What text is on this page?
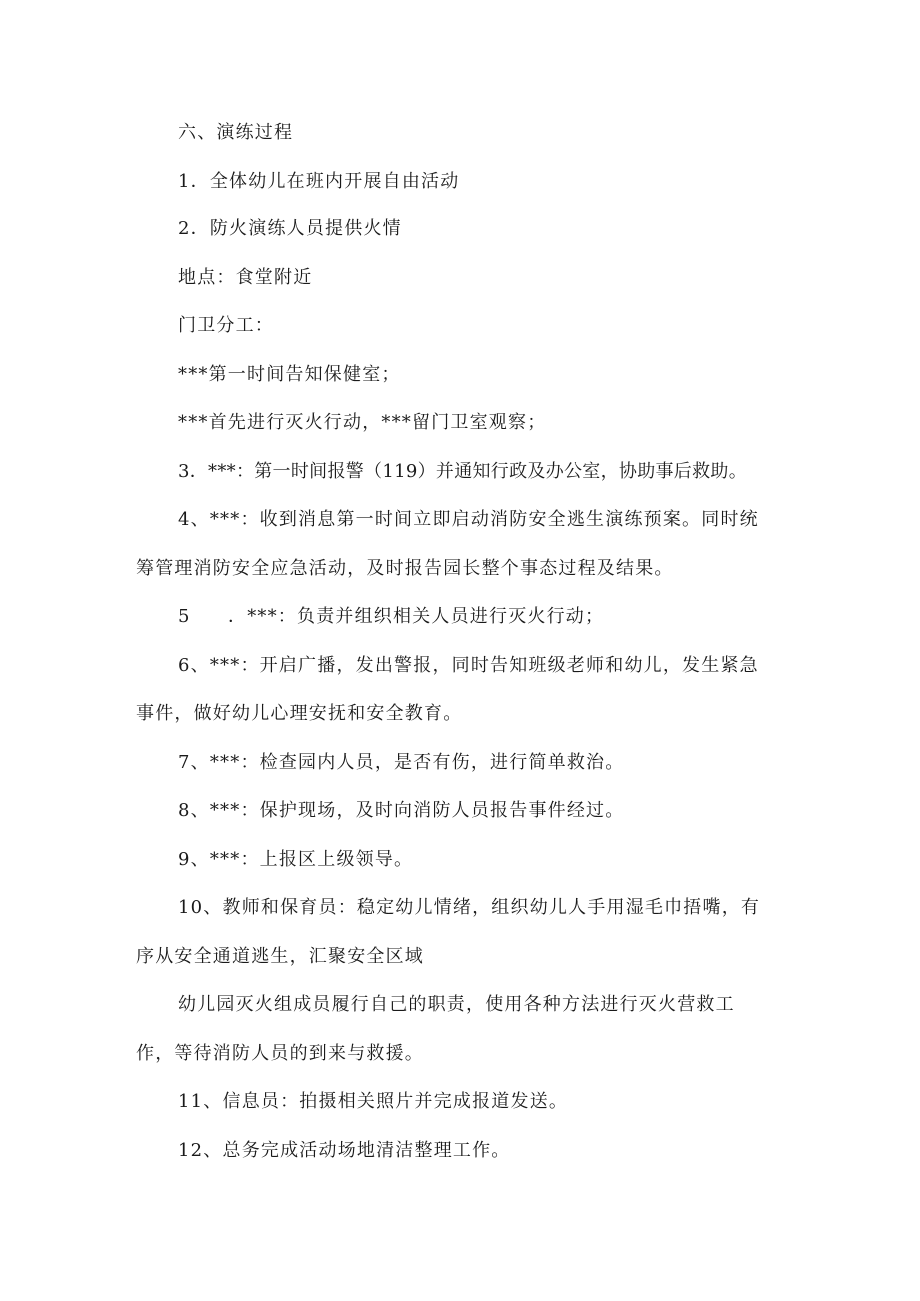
六、演练过程
1．全体幼儿在班内开展自由活动
2．防火演练人员提供火情
地点：食堂附近
门卫分工：
***第一时间告知保健室；
***首先进行灭火行动，***留门卫室观察；
3．***：第一时间报警（119）并通知行政及办公室，协助事后救助。
4、***：收到消息第一时间立即启动消防安全逃生演练预案。同时统
筹管理消防安全应急活动，及时报告园长整个事态过程及结果。
5 ．***：负责并组织相关人员进行灭火行动；
6、***：开启广播，发出警报，同时告知班级老师和幼儿，发生紧急
事件，做好幼儿心理安抚和安全教育。
7、***：检查园内人员，是否有伤，进行简单救治。
8、***：保护现场，及时向消防人员报告事件经过。
9、***：上报区上级领导。
10、教师和保育员：稳定幼儿情绪，组织幼儿人手用湿毛巾捂嘴，有
序从安全通道逃生，汇聚安全区域
幼儿园灭火组成员履行自己的职责，使用各种方法进行灭火营救工
作，等待消防人员的到来与救援。
11、信息员：拍摄相关照片并完成报道发送。
12、总务完成活动场地清洁整理工作。
